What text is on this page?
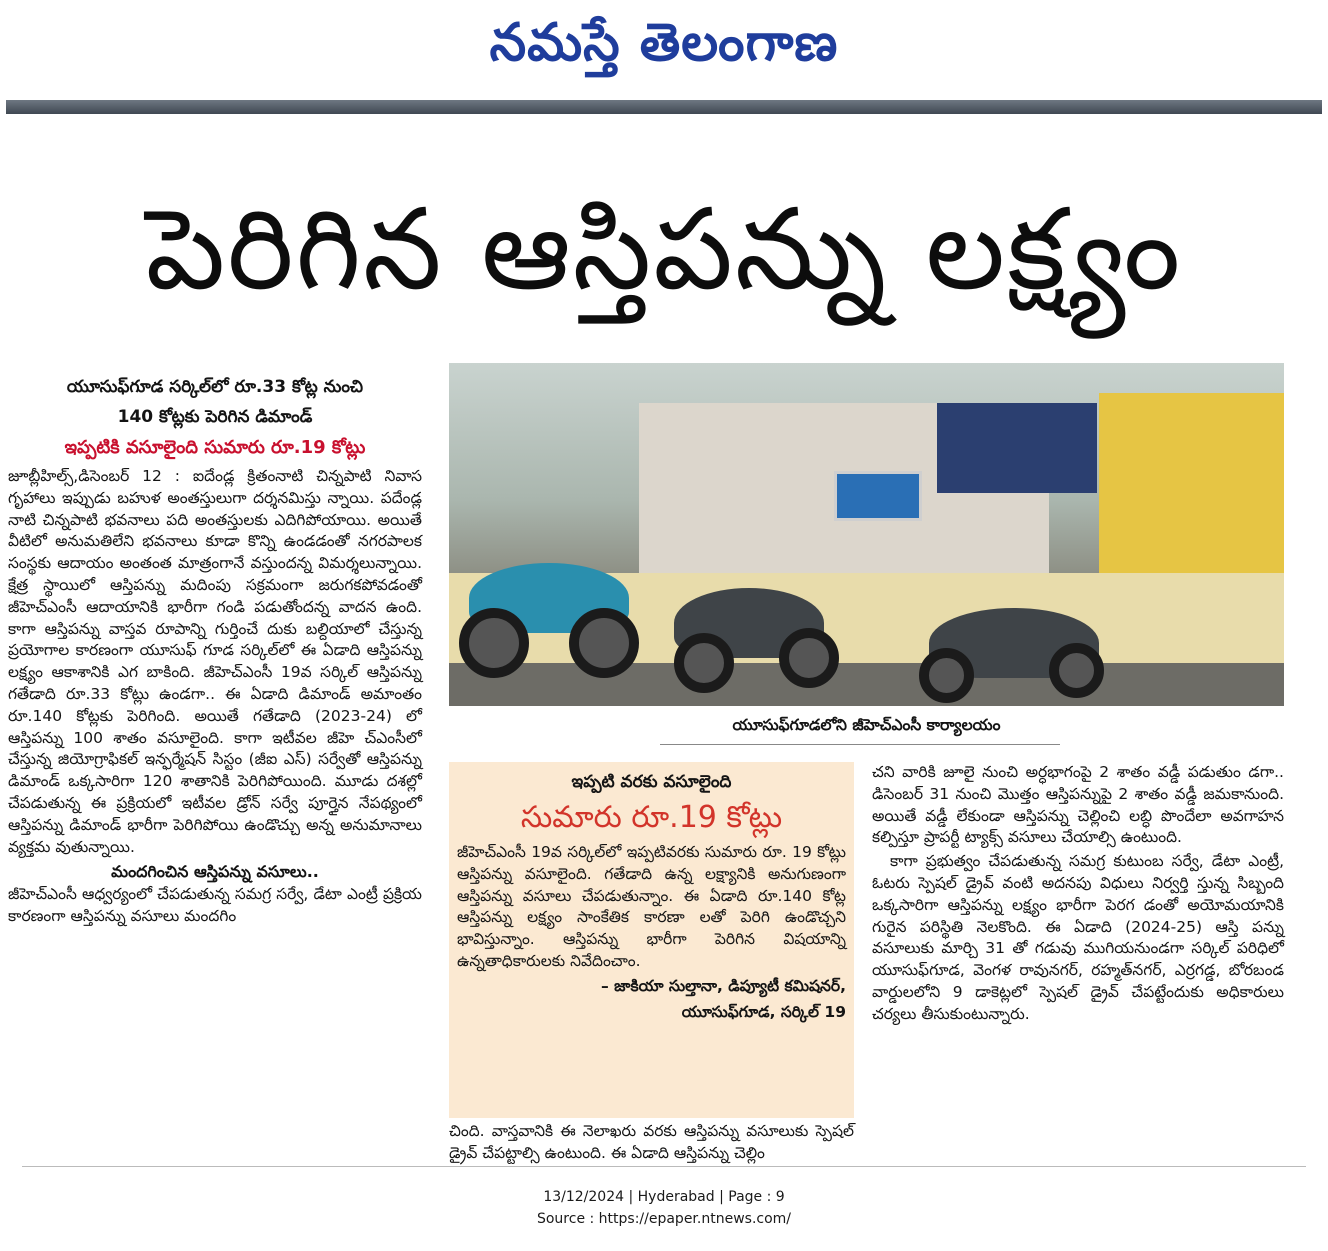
నమస్తే తెలంగాణ
పెరిగిన ఆస్తిపన్ను లక్ష్యం
యూసుఫ్‌గూడ సర్కిల్‌లో రూ.33 కోట్ల నుంచి
140 కోట్లకు పెరిగిన డిమాండ్
ఇప్పటికి వసూలైంది సుమారు రూ.19 కోట్లు

జూబ్లీహిల్స్,డిసెంబర్ 12 : ఐదేండ్ల క్రితంనాటి చిన్నపాటి నివాస గృహాలు ఇప్పుడు బహుళ అంతస్తులుగా దర్శనమిస్తు న్నాయి. పదేండ్ల నాటి చిన్నపాటి భవనాలు పది అంతస్తులకు ఎదిగిపోయాయి. అయితే వీటిలో అనుమతిలేని భవనాలు కూడా కొన్ని ఉండడంతో నగరపాలక సంస్థకు ఆదాయం అంతంత మాత్రంగానే వస్తుందన్న విమర్శలున్నాయి. క్షేత్ర స్థాయిలో ఆస్తిపన్ను మదింపు సక్రమంగా జరుగకపోవడంతో జీహెచ్ఎంసీ ఆదాయానికి భారీగా గండి పడుతోందన్న వాదన ఉంది. కాగా ఆస్తిపన్ను వాస్తవ రూపాన్ని గుర్తించే దుకు బల్దియాలో చేస్తున్న ప్రయోగాల కారణంగా యూసుఫ్ గూడ సర్కిల్‌లో ఈ ఏడాది ఆస్తిపన్ను లక్ష్యం ఆకాశానికి ఎగ బాకింది. జీహెచ్ఎంసీ 19వ సర్కిల్ ఆస్తిపన్ను గతేడాది రూ.33 కోట్లు ఉండగా.. ఈ ఏడాది డిమాండ్ అమాంతం రూ.140 కోట్లకు పెరిగింది. అయితే గతేడాది (2023-24) లో ఆస్తిపన్ను 100 శాతం వసూలైంది. కాగా ఇటీవల జీహె చ్ఎంసీలో చేస్తున్న జియోగ్రాఫికల్ ఇన్ఫర్మేషన్ సిస్టం (జీఐ ఎస్) సర్వేతో ఆస్తిపన్ను డిమాండ్ ఒక్కసారిగా 120 శాతానికి పెరిగిపోయింది. మూడు దశల్లో చేపడుతున్న ఈ ప్రక్రియలో ఇటీవల డ్రోన్ సర్వే పూర్తైన నేపథ్యంలో ఆస్తిపన్ను డిమాండ్ భారీగా పెరిగిపోయి ఉండొచ్చు అన్న అనుమానాలు వ్యక్తమ వుతున్నాయి.

మందగించిన ఆస్తిపన్ను వసూలు..

జీహెచ్ఎంసీ ఆధ్వర్యంలో చేపడుతున్న సమగ్ర సర్వే, డేటా ఎంట్రీ ప్రక్రియ కారణంగా ఆస్తిపన్ను వసూలు మందగిం

యూసుఫ్‌గూడలోని జీహెచ్ఎంసీ కార్యాలయం
ఇప్పటి వరకు వసూలైంది
సుమారు రూ.19 కోట్లు

జీహెచ్ఎంసీ 19వ సర్కిల్‌లో ఇప్పటివరకు సుమారు రూ. 19 కోట్లు ఆస్తిపన్ను వసూలైంది. గతేడాది ఉన్న లక్ష్యానికి అనుగుణంగా ఆస్తిపన్ను వసూలు చేపడుతున్నాం. ఈ ఏడాది రూ.140 కోట్ల ఆస్తిపన్ను లక్ష్యం సాంకేతిక కారణా లతో పెరిగి ఉండొచ్చని భావిస్తున్నాం. ఆస్తిపన్ను భారీగా పెరిగిన విషయాన్ని ఉన్నతాధికారులకు నివేదించాం.

– జాకియా సుల్తానా, డిప్యూటీ కమిషనర్,
యూసుఫ్‌గూడ, సర్కిల్ 19

చింది. వాస్తవానికి ఈ నెలాఖరు వరకు ఆస్తిపన్ను వసూలుకు స్పెషల్ డ్రైవ్ చేపట్టాల్సి ఉంటుంది. ఈ ఏడాది ఆస్తిపన్ను చెల్లిం

చని వారికి జూలై నుంచి అర్ధభాగంపై 2 శాతం వడ్డీ పడుతుం డగా.. డిసెంబర్ 31 నుంచి మొత్తం ఆస్తిపన్నుపై 2 శాతం వడ్డీ జమకానుంది. అయితే వడ్డీ లేకుండా ఆస్తిపన్ను చెల్లించి లబ్ధి పొందేలా అవగాహన కల్పిస్తూ ప్రాపర్టీ ట్యాక్స్ వసూలు చేయాల్సి ఉంటుంది.

కాగా ప్రభుత్వం చేపడుతున్న సమగ్ర కుటుంబ సర్వే, డేటా ఎంట్రీ, ఓటరు స్పెషల్ డ్రైవ్ వంటి అదనపు విధులు నిర్వర్తి స్తున్న సిబ్బంది ఒక్కసారిగా ఆస్తిపన్ను లక్ష్యం భారీగా పెరగ డంతో అయోమయానికి గురైన పరిస్థితి నెలకొంది. ఈ ఏడాది (2024-25) ఆస్తి పన్ను వసూలుకు మార్చి 31 తో గడువు ముగియనుండగా సర్కిల్ పరిధిలో యూసుఫ్‌గూడ, వెంగళ రావునగర్, రహ్మత్‌నగర్, ఎర్రగడ్డ, బోరబండ వార్డులలోని 9 డాకెట్లలో స్పెషల్ డ్రైవ్ చేపట్టేందుకు అధికారులు చర్యలు తీసుకుంటున్నారు.

13/12/2024 | Hyderabad | Page : 9
Source : https://epaper.ntnews.com/
